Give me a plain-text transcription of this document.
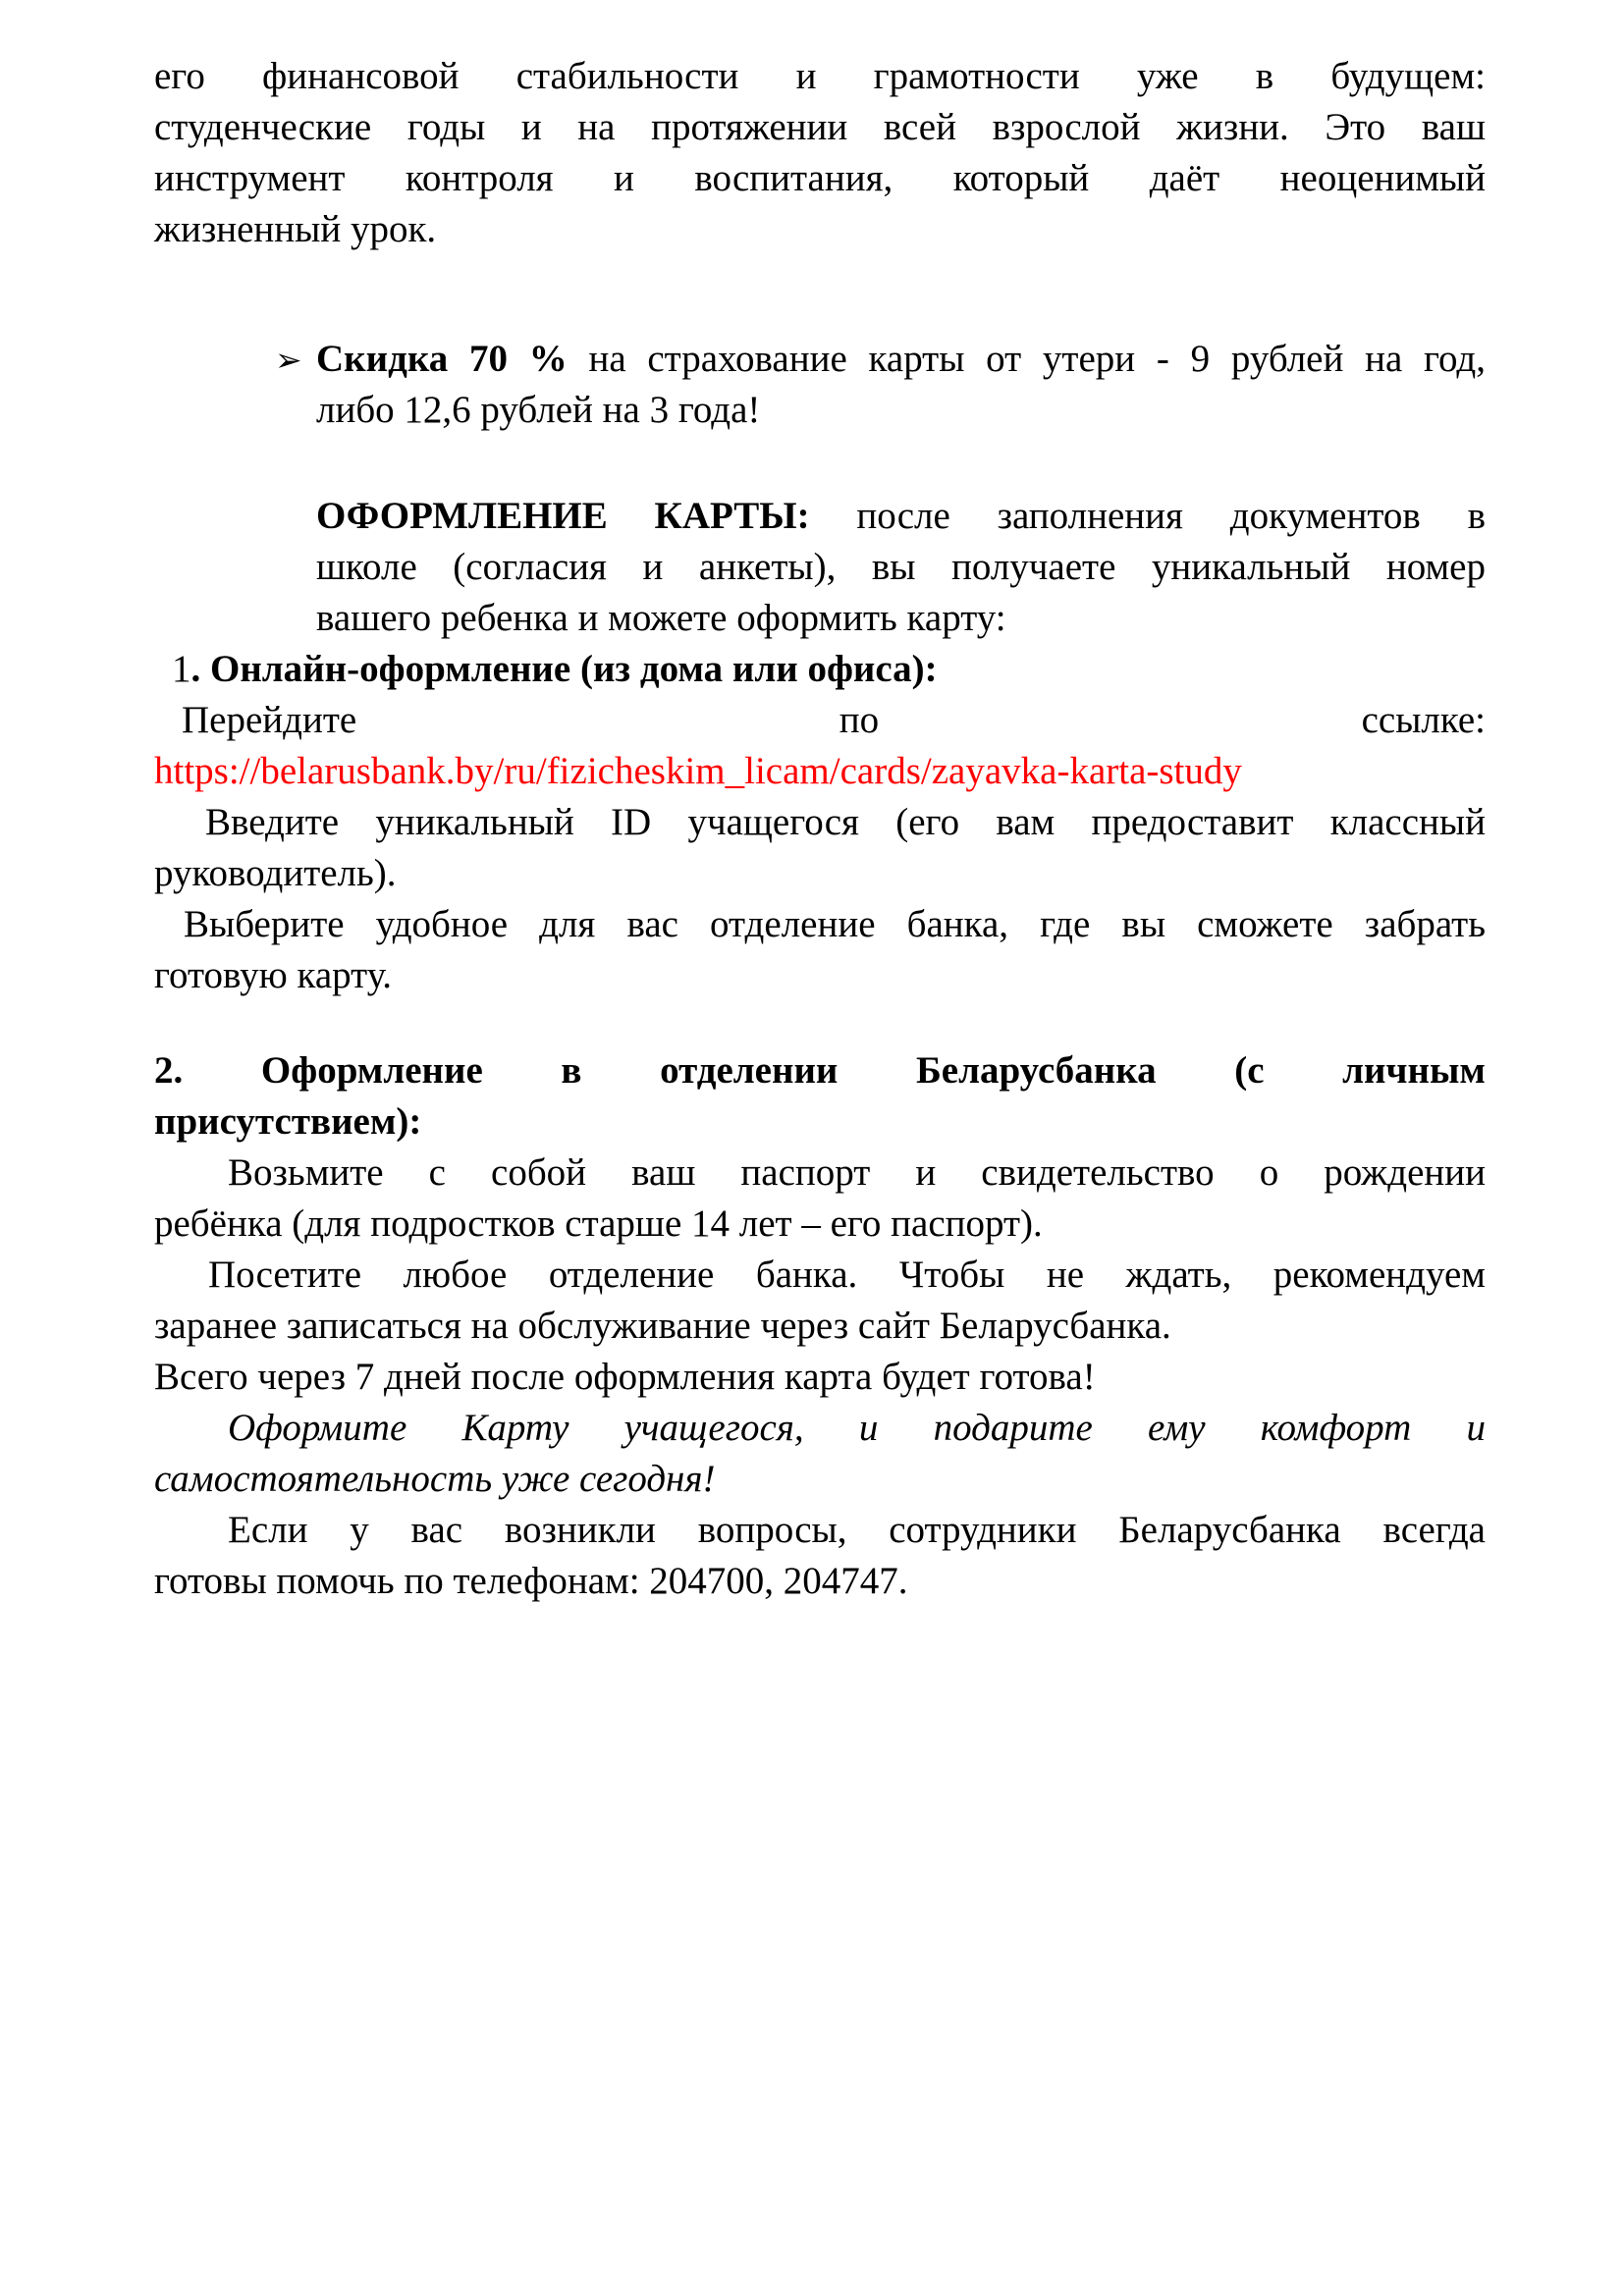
его финансовой стабильности и грамотности уже в будущем:
студенческие годы и на протяжении всей взрослой жизни. Это ваш
инструмент контроля и воспитания, который даёт неоценимый
жизненный урок.
➢ Скидка 70 % на страхование карты от утери - 9 рублей на год,
либо 12,6 рублей на 3 года!
ОФОРМЛЕНИЕ КАРТЫ: после заполнения документов в
школе (согласия и анкеты), вы получаете уникальный номер
вашего ребенка и можете оформить карту:
1. Онлайн-оформление (из дома или офиса):
Перейдите	по	ссылке:
https://belarusbank.by/ru/fizicheskim_licam/cards/zayavka-karta-study
Введите уникальный ID учащегося (его вам предоставит классный
руководитель).
Выберите удобное для вас отделение банка, где вы сможете забрать
готовую карту.
2. Оформление в отделении Беларусбанка (с личным
присутствием):
Возьмите с собой ваш паспорт и свидетельство о рождении
ребёнка (для подростков старше 14 лет – его паспорт).
Посетите любое отделение банка. Чтобы не ждать, рекомендуем
заранее записаться на обслуживание через сайт Беларусбанка.
Всего через 7 дней после оформления карта будет готова!
Оформите Карту учащегося, и подарите ему комфорт и
самостоятельность уже сегодня!
Если у вас возникли вопросы, сотрудники Беларусбанка всегда
готовы помочь по телефонам: 204700, 204747.
